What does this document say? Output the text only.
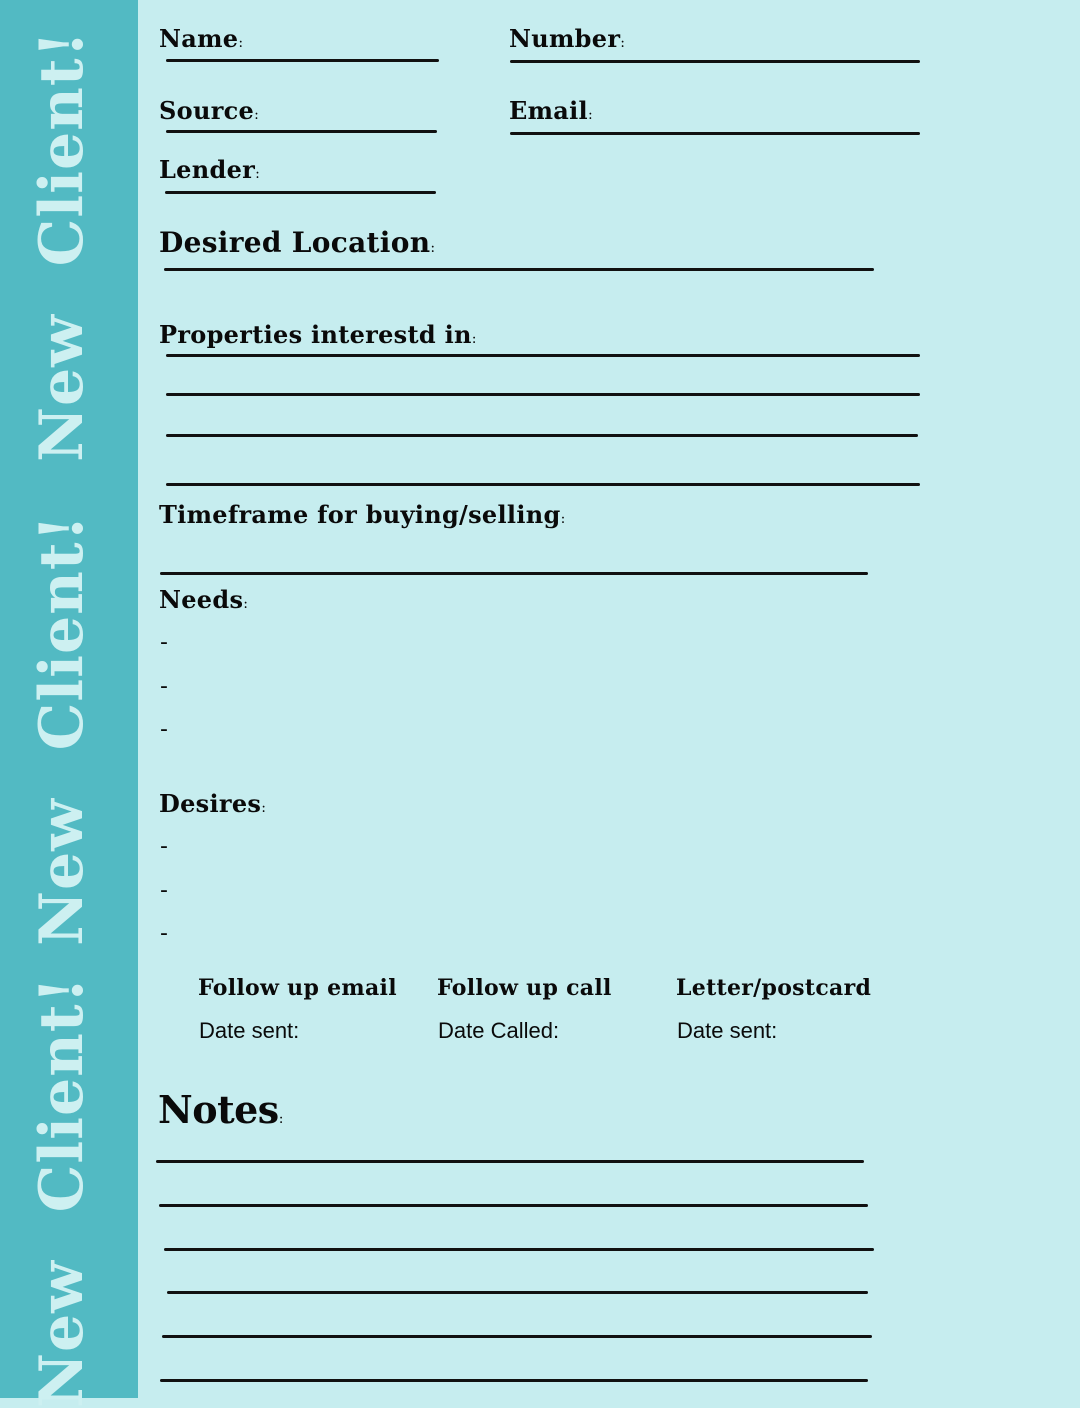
New Client!
New Client!
New Client!
Name:	Number:
Source:	Email:
Lender:
Desired Location:
Properties interestd in:
Timeframe for buying/selling:
Needs:
-
-
-
Desires:
-
-
-
Follow up email
Date sent:
Follow up call
Date Called:
Letter/postcard
Date sent:
Notes:
